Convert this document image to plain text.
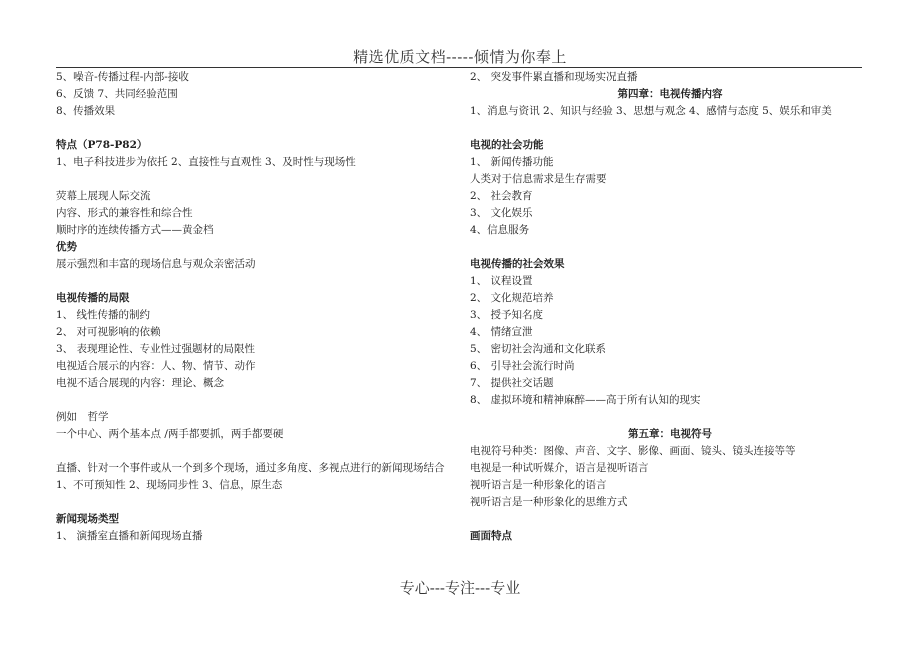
精选优质文档-----倾情为你奉上
5、噪音-传播过程-内部-接收
6、反馈 7、共同经验范围
8、传播效果
特点（P78-P82）
1、电子科技进步为依托 2、直接性与直观性 3、及时性与现场性
荧幕上展现人际交流
内容、形式的兼容性和综合性
顺时序的连续传播方式——黄金档
优势
展示强烈和丰富的现场信息与观众亲密活动
电视传播的局限
1、 线性传播的制约
2、 对可视影响的依赖
3、 表现理论性、专业性过强题材的局限性
电视适合展示的内容：人、物、情节、动作
电视不适合展现的内容：理论、概念
例如　哲学
一个中心、两个基本点 /两手都要抓，两手都要硬
直播、针对一个事件或从一个到多个现场，通过多角度、多视点进行的新闻现场结合
1、不可预知性 2、现场同步性 3、信息，原生态
新闻现场类型
1、 演播室直播和新闻现场直播
2、 突发事件累直播和现场实况直播
第四章：电视传播内容
1、消息与资讯 2、知识与经验 3、思想与观念 4、感情与态度 5、娱乐和审美
电视的社会功能
1、 新闻传播功能
人类对于信息需求是生存需要
2、 社会教育
3、 文化娱乐
4、信息服务
电视传播的社会效果
1、 议程设置
2、 文化规范培养
3、 授予知名度
4、 情绪宣泄
5、 密切社会沟通和文化联系
6、 引导社会流行时尚
7、 提供社交话题
8、 虚拟环境和精神麻醉——高于所有认知的现实
第五章：电视符号
电视符号种类：图像、声音、文字、影像、画面、镜头、镜头连接等等
电视是一种试听媒介，语言是视听语言
视听语言是一种形象化的语言
视听语言是一种形象化的思维方式
画面特点
专心---专注---专业
